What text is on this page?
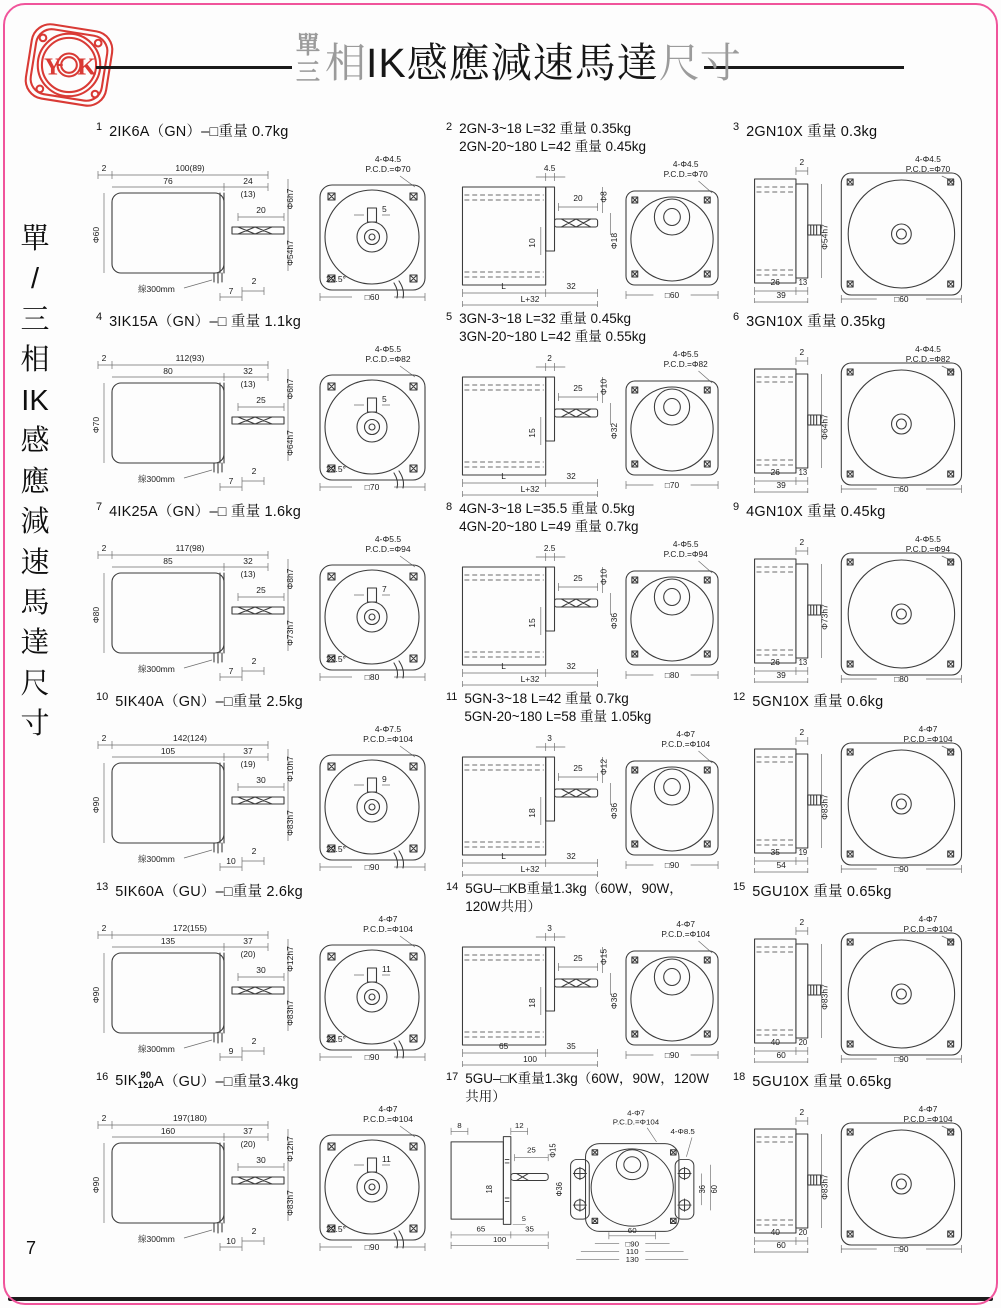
Y K
單
三 相 IK感應減速馬達 尺寸
單
/
三
相
IK
感
應
減
速
馬
達
尺
寸
1 2IK6A（GN）–□重量 0.7kg
2	100(89)
76	24
(13)
20
Φ6h7
Φ54h7
Φ60
線300mm
2
7
4-Φ4.5
P.C.D.=Φ70
5
22.5°
□60
2 2GN-3~18 L=32 重量 0.35kg
2GN-20~180 L=42 重量 0.45kg
4.5
20 Φ8
Φ18
10
L	32
L+32
4-Φ4.5
P.C.D.=Φ70
□60
3 2GN10X 重量 0.3kg
2
Φ54h7
26 13
39
4-Φ4.5
P.C.D.=Φ70
□60
4 3IK15A（GN）–□ 重量 1.1kg
2	112(93)
80	32
(13)
25
Φ6h7
Φ64h7
Φ70
線300mm
2
7
4-Φ5.5
P.C.D.=Φ82
5
22.5°
□70
5 3GN-3~18 L=32 重量 0.45kg
3GN-20~180 L=42 重量 0.55kg
2
25 Φ10
Φ32
15
L	32
L+32
4-Φ5.5
P.C.D.=Φ82
□70
6 3GN10X 重量 0.35kg
2
Φ64h7
26 13
39
4-Φ4.5
P.C.D.=Φ82
□60
7 4IK25A（GN）–□ 重量 1.6kg
2	117(98)
85	32
(13)
25
Φ8h7
Φ73h7
Φ80
線300mm
2
7
4-Φ5.5
P.C.D.=Φ94
7
22.5°
□80
8 4GN-3~18 L=35.5 重量 0.5kg
4GN-20~180 L=49 重量 0.7kg
2.5
25 Φ10
Φ36
15
L	32
L+32
4-Φ5.5
P.C.D.=Φ94
□80
9 4GN10X 重量 0.45kg
2
Φ73h7
26 13
39
4-Φ5.5
P.C.D.=Φ94
□80
10 5IK40A（GN）–□重量 2.5kg
2	142(124)
105	37
(19)
30 Φ10h7
Φ83h7
Φ90
線300mm
2
10
4-Φ7.5
P.C.D.=Φ104
9
22.5°
□90
11 5GN-3~18 L=42 重量 0.7kg
5GN-20~180 L=58 重量 1.05kg
3
25 Φ12
Φ36
18
L	32
L+32
4-Φ7
P.C.D.=Φ104
□90
12 5GN10X 重量 0.6kg
2
Φ83h7
35 19
54
4-Φ7
P.C.D.=Φ104
□90
13 5IK60A（GU）–□重量 2.6kg
2	172(155)
135	37
(20)
30 Φ12h7
Φ83h7
Φ90
線300mm
2
9
4-Φ7
P.C.D.=Φ104
11
22.5°
□90
14 5GU–□KB重量1.3kg（60W，90W，120W共用）
3
25 Φ15
Φ36
18
65	35
100
4-Φ7
P.C.D.=Φ104
□90
15 5GU10X 重量 0.65kg
2
Φ83h7
40 20
60
4-Φ7
P.C.D.=Φ104
□90
16 5IK 90
120 A（GU）–□重量3.4kg
2	197(180)
160	37
(20)
30 Φ12h7
Φ83h7
Φ90
線300mm
2
10
4-Φ7
P.C.D.=Φ104
11
22.5°
□90
17 5GU–□K重量1.3kg（60W，90W，120W共用）
8	12
25 Φ15
Φ36
18
5
65	35
100
4-Φ7
P.C.D.=Φ104
4-Φ8.5
36 60
60
□90
110
130
18 5GU10X 重量 0.65kg
2
Φ83h7
40 20
60
4-Φ7
P.C.D.=Φ104
□90
7
